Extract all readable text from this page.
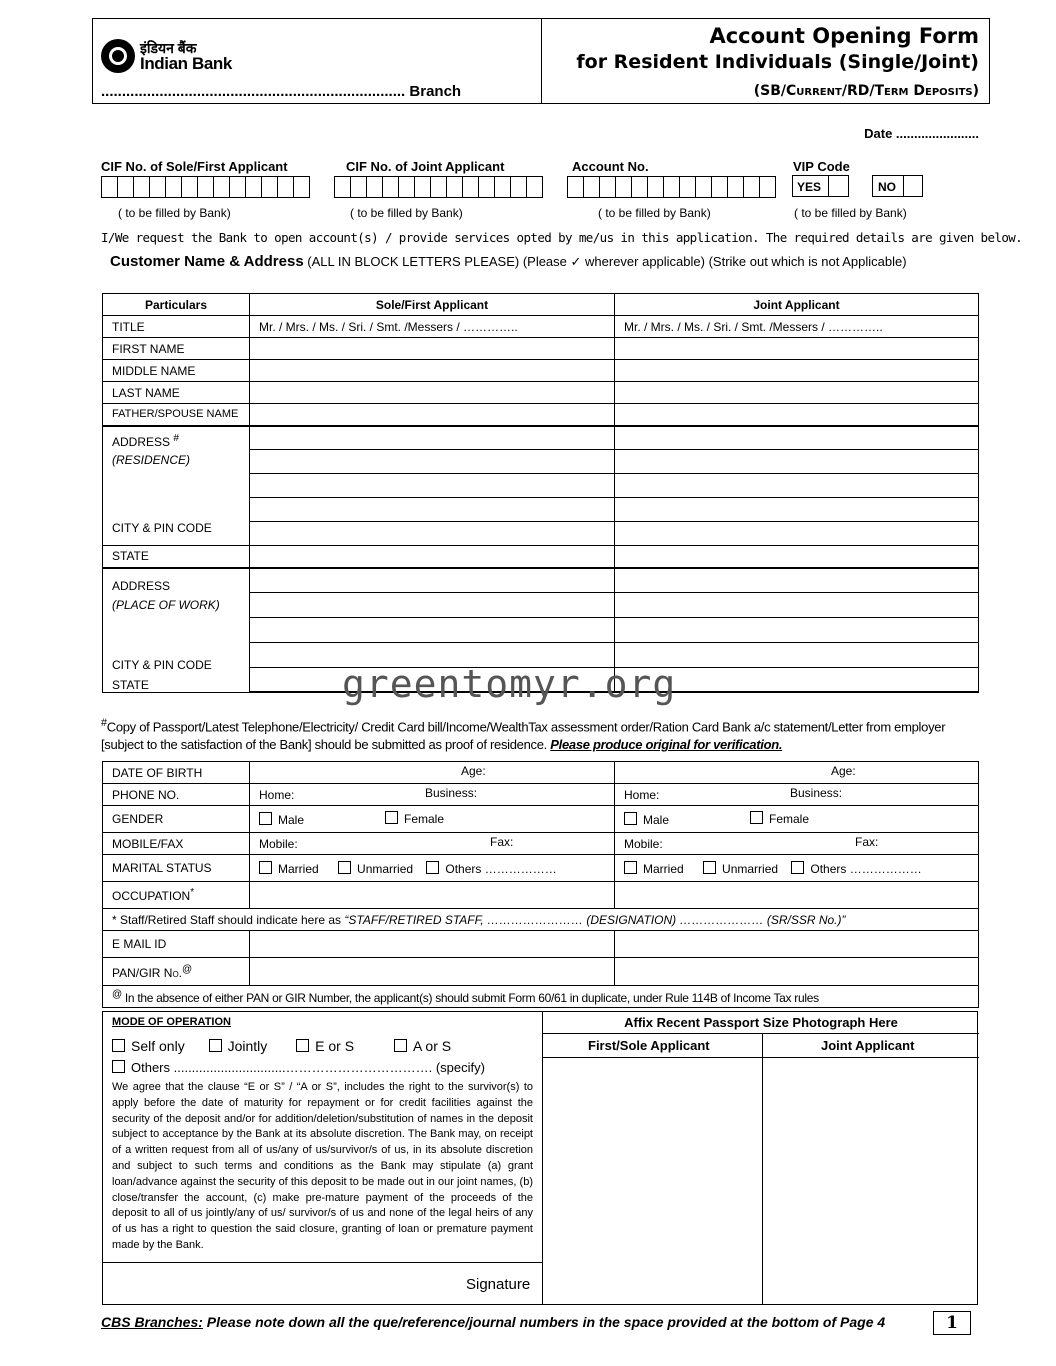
इंडियन बैंक
Indian Bank
......................................................................... Branch
Account Opening Form
for Resident Individuals (Single/Joint)
(SB/Current/RD/Term Deposits)
Date .......................
CIF No. of Sole/First Applicant	CIF No. of Joint Applicant	Account No.	VIP Code
YES	NO
( to be filled by Bank)	( to be filled by Bank)	( to be filled by Bank)	( to be filled by Bank)
I/We request the Bank to open account(s) / provide services opted by me/us in this application. The required details are given below.
Customer Name & Address (ALL IN BLOCK LETTERS PLEASE) (Please ✓ wherever applicable) (Strike out which is not Applicable)
Particulars	Sole/First Applicant	Joint Applicant
TITLE	Mr. / Mrs. / Ms. / Sri. / Smt. /Messers / …………..	Mr. / Mrs. / Ms. / Sri. / Smt. /Messers / …………..
FIRST NAME		
MIDDLE NAME		
LAST NAME		
FATHER/SPOUSE NAME		

ADDRESS #
(RESIDENCE)
CITY & PIN CODE		

STATE		

ADDRESS
(PLACE OF WORK)
CITY & PIN CODE
STATE		

		greentomyr.org
#Copy of Passport/Latest Telephone/Electricity/ Credit Card bill/Income/WealthTax assessment order/Ration Card Bank a/c statement/Letter from employer [subject to the satisfaction of the Bank] should be submitted as proof of residence. Please produce original for verification.
DATE OF BIRTH	Age:	Age:

PHONE NO.	Home: Business:	Home: Business:

GENDER	Male Female	Male Female

MOBILE/FAX	Mobile: Fax:	Mobile: Fax:

MARITAL STATUS	Married Unmarried Others ………………	Married Unmarried Others ………………
OCCUPATION*		
* Staff/Retired Staff should indicate here as “STAFF/RETIRED STAFF, …………………… (DESIGNATION) ………………… (SR/SSR No.)”		
E MAIL ID		
PAN/GIR No.@		
@ In the absence of either PAN or GIR Number, the applicant(s) should submit Form 60/61 in duplicate, under Rule 114B of Income Tax rules		
MODE OF OPERATION
Self only	Jointly	E or S	A or S
Others ...............................……………………………. (specify)
We agree that the clause “E or S” / “A or S”, includes the right to the survivor(s) to apply before the date of maturity for repayment or for credit facilities against the security of the deposit and/or for addition/deletion/substitution of names in the deposit subject to acceptance by the Bank at its absolute discretion. The Bank may, on receipt of a written request from all of us/any of us/survivor/s of us, in its absolute discretion and subject to such terms and conditions as the Bank may stipulate (a) grant loan/advance against the security of this deposit to be made out in our joint names, (b) close/transfer the account, (c) make pre-mature payment of the proceeds of the deposit to all of us jointly/any of us/ survivor/s of us and none of the legal heirs of any of us has a right to question the said closure, granting of loan or premature payment made by the Bank.
Signature
Affix Recent Passport Size Photograph Here
First/Sole Applicant	Joint Applicant
CBS Branches: Please note down all the que/reference/journal numbers in the space provided at the bottom of Page 4	1
